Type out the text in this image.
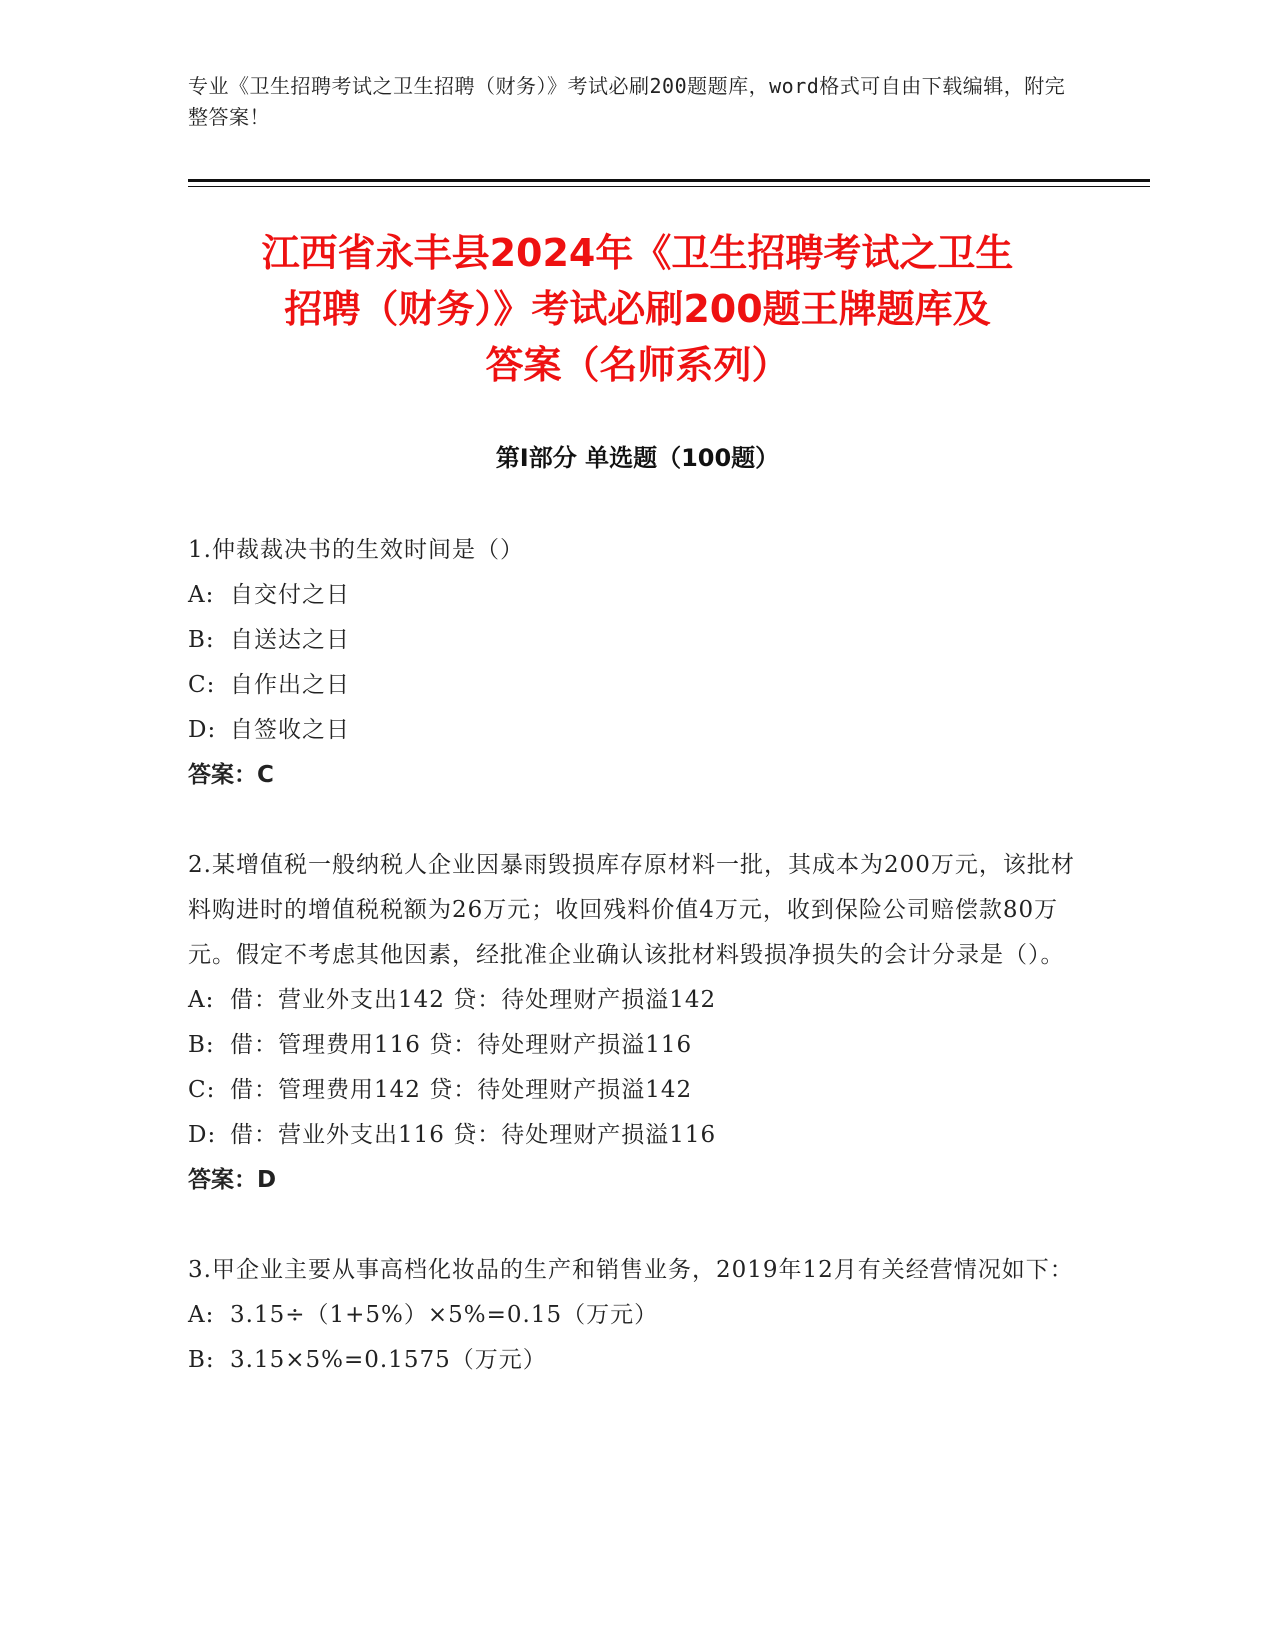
专业《卫生招聘考试之卫生招聘（财务）》考试必刷200题题库，word格式可自由下载编辑，附完整答案！
江西省永丰县2024年《卫生招聘考试之卫生
招聘（财务）》考试必刷200题王牌题库及
答案（名师系列）
第Ⅰ部分 单选题（100题）
1.仲裁裁决书的生效时间是（）
A: 自交付之日
B: 自送达之日
C: 自作出之日
D: 自签收之日
答案：C
2.某增值税一般纳税人企业因暴雨毁损库存原材料一批，其成本为200万元，该批材料购进时的增值税税额为26万元；收回残料价值4万元，收到保险公司赔偿款80万元。假定不考虑其他因素，经批准企业确认该批材料毁损净损失的会计分录是（）。
A: 借：营业外支出142 贷：待处理财产损溢142
B: 借：管理费用116 贷：待处理财产损溢116
C: 借：管理费用142 贷：待处理财产损溢142
D: 借：营业外支出116 贷：待处理财产损溢116
答案：D
3.甲企业主要从事高档化妆品的生产和销售业务，2019年12月有关经营情况如下：
A: 3.15÷（1+5%）×5%=0.15（万元）
B: 3.15×5%=0.1575（万元）
